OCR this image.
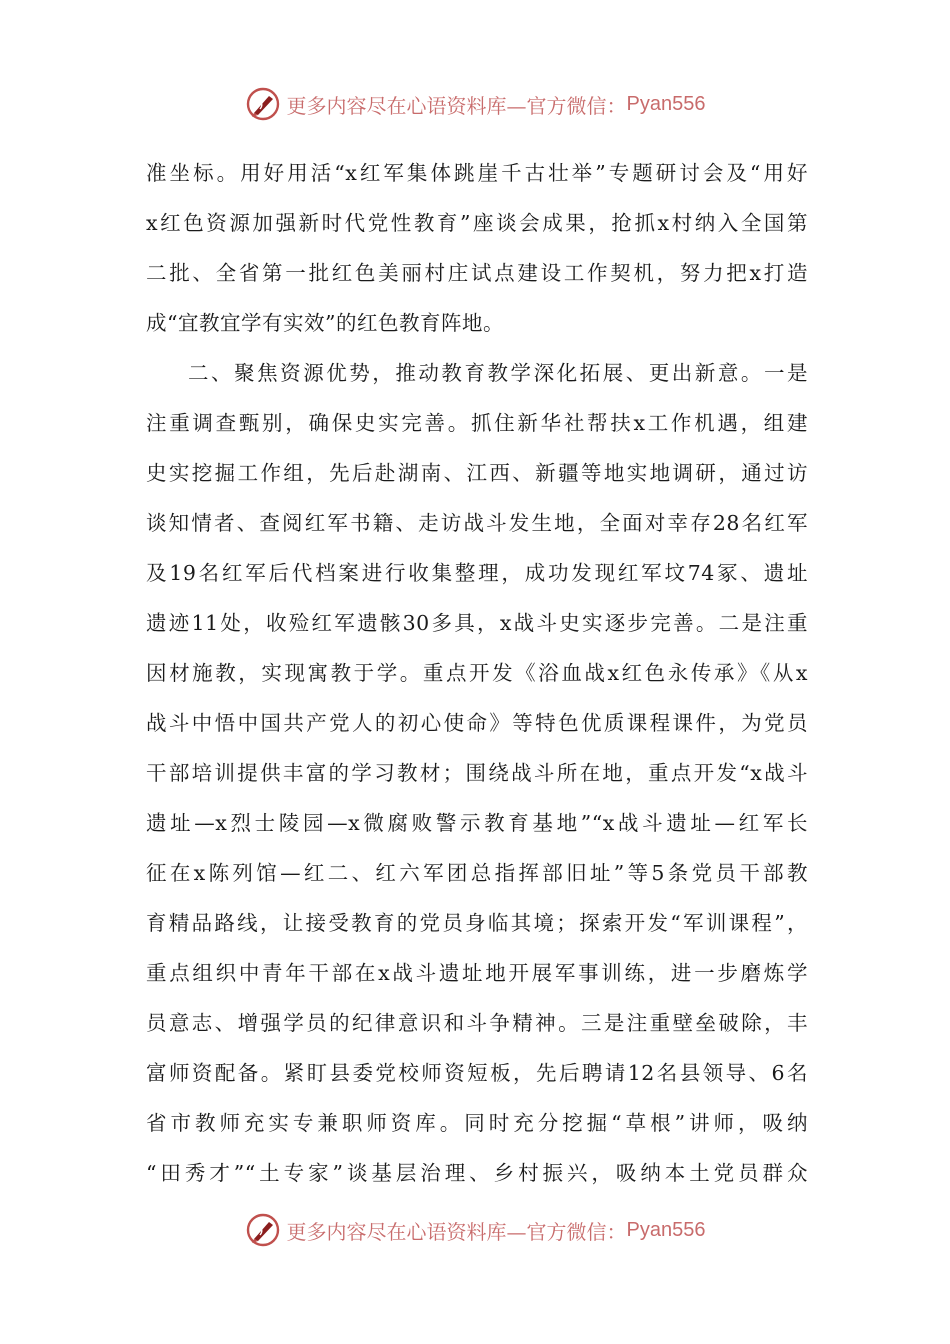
更多内容尽在心语资料库—官方微信： Pyan556
准坐标。用好用活“x红军集体跳崖千古壮举”专题研讨会及“用好
x红色资源加强新时代党性教育”座谈会成果，抢抓x村纳入全国第
二批、全省第一批红色美丽村庄试点建设工作契机，努力把x打造
成“宜教宜学有实效”的红色教育阵地。
二、聚焦资源优势，推动教育教学深化拓展、更出新意。一是
注重调查甄别，确保史实完善。抓住新华社帮扶x工作机遇，组建
史实挖掘工作组，先后赴湖南、江西、新疆等地实地调研，通过访
谈知情者、查阅红军书籍、走访战斗发生地，全面对幸存28名红军
及19名红军后代档案进行收集整理，成功发现红军坟74冢、遗址
遗迹11处，收殓红军遗骸30多具，x战斗史实逐步完善。二是注重
因材施教，实现寓教于学。重点开发《浴血战x红色永传承》《从x
战斗中悟中国共产党人的初心使命》等特色优质课程课件，为党员
干部培训提供丰富的学习教材；围绕战斗所在地，重点开发“x战斗
遗址—x烈士陵园—x微腐败警示教育基地”“x战斗遗址—红军长
征在x陈列馆—红二、红六军团总指挥部旧址”等5条党员干部教
育精品路线，让接受教育的党员身临其境；探索开发“军训课程”，
重点组织中青年干部在x战斗遗址地开展军事训练，进一步磨炼学
员意志、增强学员的纪律意识和斗争精神。三是注重壁垒破除，丰
富师资配备。紧盯县委党校师资短板，先后聘请12名县领导、6名
省市教师充实专兼职师资库。同时充分挖掘“草根”讲师，吸纳
“田秀才”“土专家”谈基层治理、乡村振兴，吸纳本土党员群众
更多内容尽在心语资料库—官方微信： Pyan556
